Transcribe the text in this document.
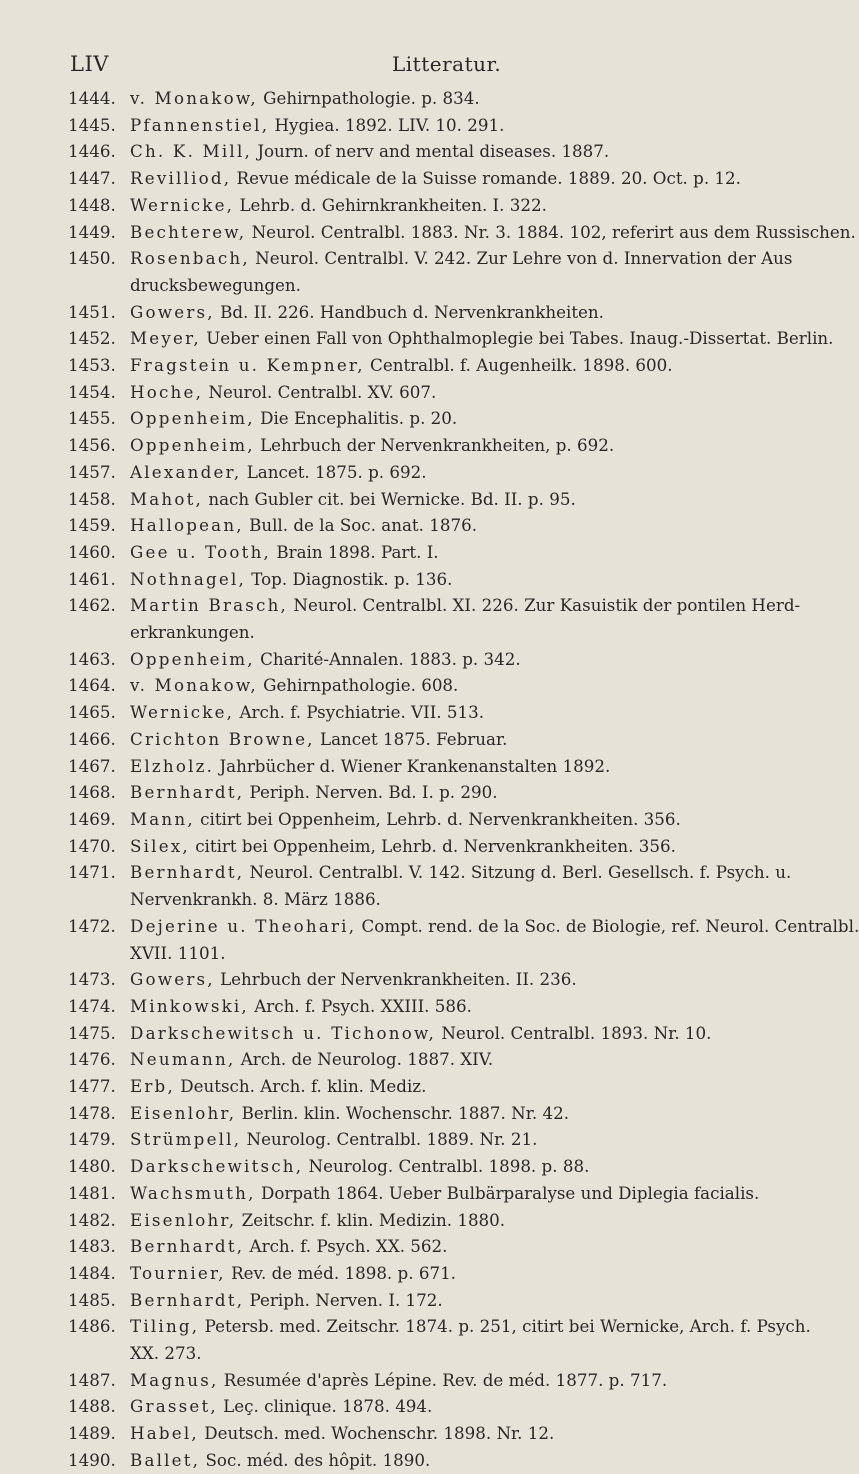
LIV	Litteratur.
1444. v. Monakow, Gehirnpathologie. p. 834.
1445. Pfannenstiel, Hygiea. 1892. LIV. 10. 291.
1446. Ch. K. Mill, Journ. of nerv and mental diseases. 1887.
1447. Revilliod, Revue médicale de la Suisse romande. 1889. 20. Oct. p. 12.
1448. Wernicke, Lehrb. d. Gehirnkrankheiten. I. 322.
1449. Bechterew, Neurol. Centralbl. 1883. Nr. 3. 1884. 102, referirt aus dem Russischen.
1450. Rosenbach, Neurol. Centralbl. V. 242. Zur Lehre von d. Innervation der Aus
drucksbewegungen.
1451. Gowers, Bd. II. 226. Handbuch d. Nervenkrankheiten.
1452. Meyer, Ueber einen Fall von Ophthalmoplegie bei Tabes. Inaug.-Dissertat. Berlin.
1453. Fragstein u. Kempner, Centralbl. f. Augenheilk. 1898. 600.
1454. Hoche, Neurol. Centralbl. XV. 607.
1455. Oppenheim, Die Encephalitis. p. 20.
1456. Oppenheim, Lehrbuch der Nervenkrankheiten, p. 692.
1457. Alexander, Lancet. 1875. p. 692.
1458. Mahot, nach Gubler cit. bei Wernicke. Bd. II. p. 95.
1459. Hallopean, Bull. de la Soc. anat. 1876.
1460. Gee u. Tooth, Brain 1898. Part. I.
1461. Nothnagel, Top. Diagnostik. p. 136.
1462. Martin Brasch, Neurol. Centralbl. XI. 226. Zur Kasuistik der pontilen Herd-
erkrankungen.
1463. Oppenheim, Charité-Annalen. 1883. p. 342.
1464. v. Monakow, Gehirnpathologie. 608.
1465. Wernicke, Arch. f. Psychiatrie. VII. 513.
1466. Crichton Browne, Lancet 1875. Februar.
1467. Elzholz. Jahrbücher d. Wiener Krankenanstalten 1892.
1468. Bernhardt, Periph. Nerven. Bd. I. p. 290.
1469. Mann, citirt bei Oppenheim, Lehrb. d. Nervenkrankheiten. 356.
1470. Silex, citirt bei Oppenheim, Lehrb. d. Nervenkrankheiten. 356.
1471. Bernhardt, Neurol. Centralbl. V. 142. Sitzung d. Berl. Gesellsch. f. Psych. u.
Nervenkrankh. 8. März 1886.
1472. Dejerine u. Theohari, Compt. rend. de la Soc. de Biologie, ref. Neurol. Centralbl.
XVII. 1101.
1473. Gowers, Lehrbuch der Nervenkrankheiten. II. 236.
1474. Minkowski, Arch. f. Psych. XXIII. 586.
1475. Darkschewitsch u. Tichonow, Neurol. Centralbl. 1893. Nr. 10.
1476. Neumann, Arch. de Neurolog. 1887. XIV.
1477. Erb, Deutsch. Arch. f. klin. Mediz.
1478. Eisenlohr, Berlin. klin. Wochenschr. 1887. Nr. 42.
1479. Strümpell, Neurolog. Centralbl. 1889. Nr. 21.
1480. Darkschewitsch, Neurolog. Centralbl. 1898. p. 88.
1481. Wachsmuth, Dorpath 1864. Ueber Bulbärparalyse und Diplegia facialis.
1482. Eisenlohr, Zeitschr. f. klin. Medizin. 1880.
1483. Bernhardt, Arch. f. Psych. XX. 562.
1484. Tournier, Rev. de méd. 1898. p. 671.
1485. Bernhardt, Periph. Nerven. I. 172.
1486. Tiling, Petersb. med. Zeitschr. 1874. p. 251, citirt bei Wernicke, Arch. f. Psych.
XX. 273.
1487. Magnus, Resumée d'après Lépine. Rev. de méd. 1877. p. 717.
1488. Grasset, Leç. clinique. 1878. 494.
1489. Habel, Deutsch. med. Wochenschr. 1898. Nr. 12.
1490. Ballet, Soc. méd. des hôpit. 1890.
